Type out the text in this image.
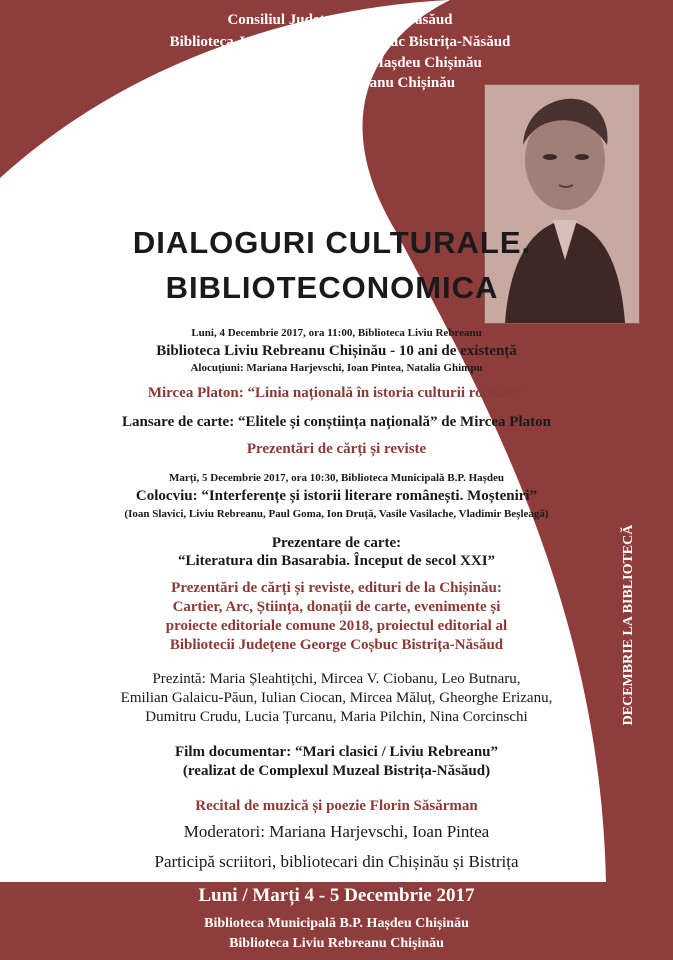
Consiliul Județean Bistrița-Năsăud
Biblioteca Județeană George Coșbuc Bistrița-Năsăud
Biblioteca Municipală B.P. Hașdeu Chișinău
Biblioteca Liviu Rebreanu Chișinău
DIALOGURI CULTURALE.
BIBLIOTECONOMICA
Luni, 4 Decembrie 2017, ora 11:00, Biblioteca Liviu Rebreanu
Biblioteca Liviu Rebreanu Chișinău - 10 ani de existență
Alocuțiuni: Mariana Harjevschi, Ioan Pintea, Natalia Ghimpu
Mircea Platon: “Linia națională în istoria culturii române”
Lansare de carte: “Elitele și conștiința națională” de Mircea Platon
Prezentări de cărți și reviste
Marți, 5 Decembrie 2017, ora 10:30, Biblioteca Municipală B.P. Hașdeu
Colocviu: “Interferențe și istorii literare românești. Moșteniri”
(Ioan Slavici, Liviu Rebreanu, Paul Goma, Ion Druță, Vasile Vasilache, Vladimir Beșleagă)
Prezentare de carte:
“Literatura din Basarabia. Început de secol XXI”
Prezentări de cărți și reviste, edituri de la Chișinău:
Cartier, Arc, Știința, donații de carte, evenimente și
proiecte editoriale comune 2018, proiectul editorial al
Bibliotecii Județene George Coșbuc Bistrița-Năsăud
Prezintă: Maria Șleahtițchi, Mircea V. Ciobanu, Leo Butnaru,
Emilian Galaicu-Păun, Iulian Ciocan, Mircea Măluț, Gheorghe Erizanu,
Dumitru Crudu, Lucia Țurcanu, Maria Pilchin, Nina Corcinschi
Film documentar: “Mari clasici / Liviu Rebreanu”
(realizat de Complexul Muzeal Bistrița-Năsăud)
Recital de muzică și poezie Florin Săsărman
Moderatori: Mariana Harjevschi, Ioan Pintea
Participă scriitori, bibliotecari din Chișinău și Bistrița
DECEMBRIE LA BIBLIOTECĂ
Luni / Marți 4 - 5 Decembrie 2017
Biblioteca Municipală B.P. Hașdeu Chișinău
Biblioteca Liviu Rebreanu Chișinău
